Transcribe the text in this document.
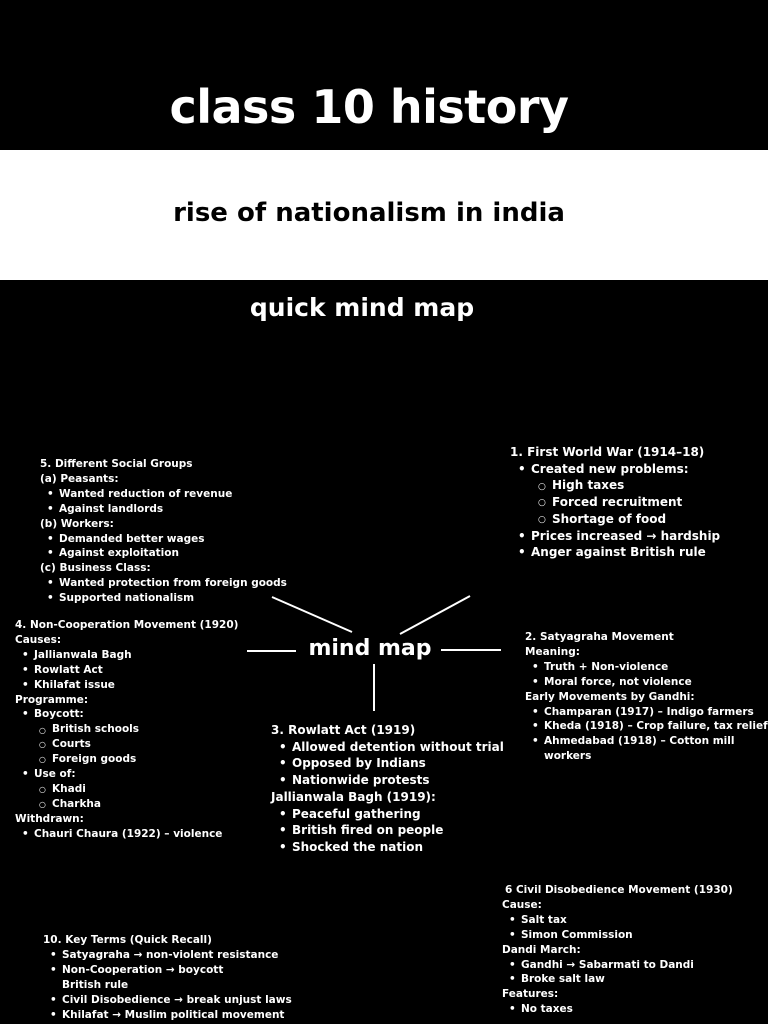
class 10 history
rise of nationalism in india
quick mind map
mind map

1. First World War (1914–18)

• Created new problems:
○ High taxes
○ Forced recruitment
○ Shortage of food
• Prices increased → hardship
• Anger against British rule

2. Satyagraha Movement

Meaning:

• Truth + Non-violence
• Moral force, not violence

Early Movements by Gandhi:

• Champaran (1917) – Indigo farmers
• Kheda (1918) – Crop failure, tax relief
• Ahmedabad (1918) – Cotton mill workers

3. Rowlatt Act (1919)

• Allowed detention without trial
• Opposed by Indians
• Nationwide protests

Jallianwala Bagh (1919):

• Peaceful gathering
• British fired on people
• Shocked the nation

4. Non-Cooperation Movement (1920)

Causes:

• Jallianwala Bagh
• Rowlatt Act
• Khilafat issue

Programme:

• Boycott:
○ British schools
○ Courts
○ Foreign goods
• Use of:
○ Khadi
○ Charkha

Withdrawn:

• Chauri Chaura (1922) – violence

5. Different Social Groups

(a) Peasants:

• Wanted reduction of revenue
• Against landlords

(b) Workers:

• Demanded better wages
• Against exploitation

(c) Business Class:

• Wanted protection from foreign goods
• Supported nationalism

6 Civil Disobedience Movement (1930)

Cause:

• Salt tax
• Simon Commission

Dandi March:

• Gandhi → Sabarmati to Dandi
• Broke salt law

Features:

• No taxes

10. Key Terms (Quick Recall)

• Satyagraha → non-violent resistance
• Non-Cooperation → boycott British rule
• Civil Disobedience → break unjust laws
• Khilafat → Muslim political movement
